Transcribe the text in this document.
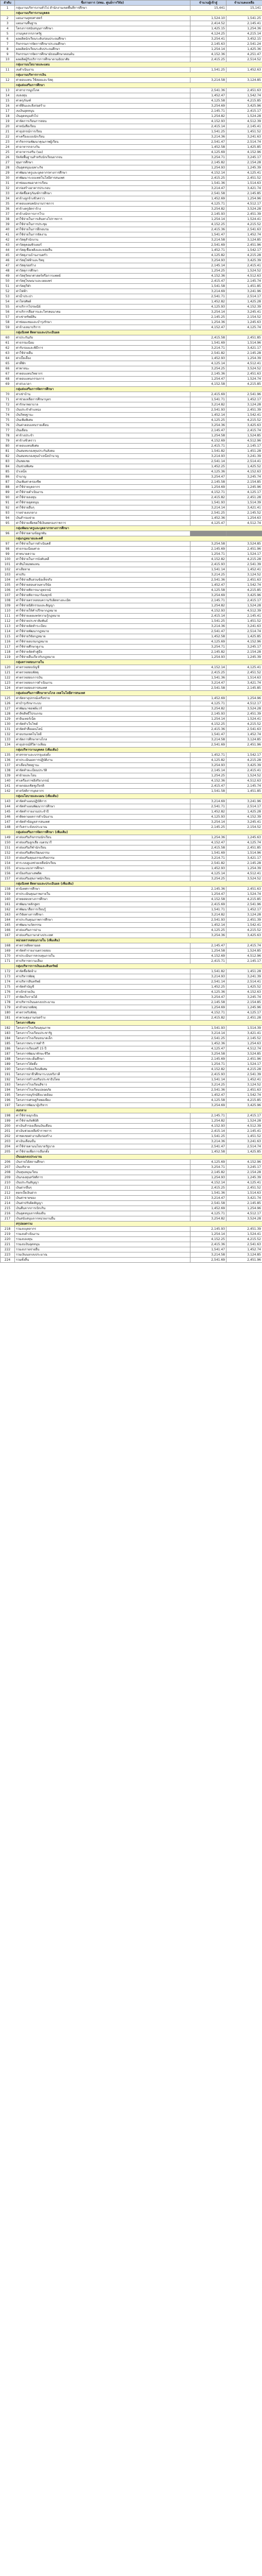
ลำดับ	ชื่อรายการ (สพม. ศูนย์การวิจัย)	จำนวนผู้เข้าสู่	จำนวนคงเหลือ
1	กลุ่มงานบริหารงานทั่วไป สำนักงานเขตพื้นที่การศึกษา	15,441	15,141
	กลุ่มงานบริหารงานบุคคล		
2	แผนงานยุทธศาสตร์	1,524.10	1,541.25
3	แผนงานพื้นฐาน	2,414.52	2,145.41
4	โครงการสนับสนุนการศึกษา	1,425.15	1,254.36
5	งานบุคลากรภาครัฐ	4,124.25	4,215.14
6	ผลผลิตนักเรียนระดับก่อนประถมศึกษา	3,254.41	3,452.15
7	กิจกรรมการจัดการศึกษาประถมศึกษา	2,145.63	2,541.24
8	ผลผลิตนักเรียนระดับประถมศึกษา	1,254.14	1,425.36
9	กิจกรรมการจัดการศึกษามัธยมศึกษาตอนต้น	4,152.36	4,251.47
10	ผลผลิตผู้รับบริการการศึกษาตามอัธยาศัย	2,415.25	2,514.52
	กลุ่มงานนโยบายและแผน		
11	งบดำเนินงาน	1,541.25	1,452.63
	กลุ่มงานบริหารการเงิน		
12	ค่าตอบแทน ใช้สอยและวัสดุ	3,214.58	3,124.85
	กลุ่มส่งเสริมการศึกษา		
13	ค่าสาธารณูปโภค	2,541.36	2,451.63
14	งบลงทุน	1,452.47	1,542.74
15	ค่าครุภัณฑ์	4,125.58	4,215.85
16	ค่าที่ดินและสิ่งก่อสร้าง	3,254.69	3,425.96
17	งบเงินอุดหนุน	2,145.71	2,415.17
18	เงินอุดหนุนทั่วไป	1,254.82	1,524.28
19	ค่าจัดการเรียนการสอน	4,152.93	4,512.39
20	ค่าหนังสือเรียน	2,415.14	2,145.41
21	ค่าอุปกรณ์การเรียน	1,541.25	1,451.52
22	ค่าเครื่องแบบนักเรียน	3,214.36	3,241.63
23	ค่ากิจกรรมพัฒนาคุณภาพผู้เรียน	2,541.47	2,514.74
24	ค่าอาหารกลางวัน	1,452.58	1,425.85
25	ค่าอาหารเสริม (นม)	4,125.69	4,152.96
26	ปัจจัยพื้นฐานสำหรับนักเรียนยากจน	3,254.71	3,245.17
27	ทุนการศึกษา	2,145.82	2,154.28
28	เงินอุดหนุนเฉพาะกิจ	1,254.93	1,245.39
29	ค่าพัฒนาครูและบุคลากรทางการศึกษา	4,152.14	4,125.41
30	ค่าพัฒนาระบบเทคโนโลยีสารสนเทศ	2,415.25	2,451.52
31	ค่าซ่อมแซมอาคารเรียน	1,541.36	1,514.63
32	ค่าก่อสร้างอาคารประกอบ	3,214.47	3,421.74
33	ค่าจัดซื้อครุภัณฑ์การศึกษา	2,541.58	2,145.85
34	ค่าจ้างลูกจ้างชั่วคราว	1,452.69	1,254.96
35	ค่าตอบแทนพนักงานราชการ	4,125.71	4,512.17
36	ค่าจ้างครูอัตราจ้าง	3,254.82	3,524.28
37	ค่าจ้างนักการภารโรง	2,145.93	2,451.39
38	ค่าใช้จ่ายในการเดินทางไปราชการ	1,254.14	1,524.41
39	ค่าใช้จ่ายในการประชุม	4,152.25	4,215.52
40	ค่าใช้จ่ายในการฝึกอบรม	2,415.36	2,541.63
41	ค่าใช้จ่ายในการจัดงาน	1,541.47	1,452.74
42	ค่าวัสดุสำนักงาน	3,214.58	3,124.85
43	ค่าวัสดุคอมพิวเตอร์	2,541.69	2,451.96
44	ค่าวัสดุเชื้อเพลิงและหล่อลื่น	1,452.71	1,542.17
45	ค่าวัสดุงานบ้านงานครัว	4,125.82	4,215.28
46	ค่าวัสดุไฟฟ้าและวิทยุ	3,254.93	3,425.39
47	ค่าวัสดุก่อสร้าง	2,145.14	2,415.41
48	ค่าวัสดุการศึกษา	1,254.25	1,524.52
49	ค่าวัสดุวิทยาศาสตร์หรือการแพทย์	4,152.36	4,512.63
50	ค่าวัสดุโฆษณาและเผยแพร่	2,415.47	2,145.74
51	ค่าวัสดุกีฬา	1,541.58	1,451.85
52	ค่าไฟฟ้า	3,214.69	3,241.96
53	ค่าน้ำประปา	2,541.71	2,514.17
54	ค่าโทรศัพท์	1,452.82	1,425.28
55	ค่าบริการไปรษณีย์	4,125.93	4,152.39
56	ค่าบริการสื่อสารและโทรคมนาคม	3,254.14	3,245.41
57	ค่าเช่าทรัพย์สิน	2,145.25	2,154.52
58	ค่าซ่อมแซมและบำรุงรักษา	1,254.36	1,245.63
59	ค่าจ้างเหมาบริการ	4,152.47	4,125.74
	กลุ่มนิเทศ ติดตามและประเมินผล		
60	ค่าประกันภัย	2,415.58	2,451.85
61	ค่าธรรมเนียม	1,541.69	1,514.96
62	ค่ารับรองและพิธีการ	3,214.71	3,421.17
63	ค่าใช้จ่ายอื่น	2,541.82	2,145.28
64	ค่าเบี้ยเลี้ยง	1,452.93	1,254.39
65	ค่าที่พัก	4,125.14	4,512.41
66	ค่าพาหนะ	3,254.25	3,524.52
67	ค่าตอบแทนวิทยากร	2,145.36	2,451.63
68	ค่าตอบแทนกรรมการ	1,254.47	1,524.74
69	ค่าล่วงเวลา	4,152.58	4,215.85
	กลุ่มส่งเสริมการจัดการศึกษา		
70	ค่าเช่าบ้าน	2,415.69	2,541.96
71	ค่าช่วยเหลือการศึกษาบุตร	1,541.71	1,452.17
72	ค่ารักษาพยาบาล	3,214.82	3,124.28
73	เงินประจำตำแหน่ง	2,541.93	2,451.39
74	เงินวิทยฐานะ	1,452.14	1,542.41
75	เงินเพิ่มพิเศษ	4,125.25	4,215.52
76	เงินค่าตอบแทนรายเดือน	3,254.36	3,425.63
77	เงินเดือน	2,145.47	2,415.74
78	ค่าจ้างประจำ	1,254.58	1,524.85
79	ค่าจ้างชั่วคราว	4,152.69	4,512.96
80	ค่าตอบแทนพิเศษ	2,415.71	2,145.17
81	เงินสมทบกองทุนประกันสังคม	1,541.82	1,451.28
82	เงินสมทบกองทุนบำเหน็จบำนาญ	3,214.93	3,241.39
83	เงินชดเชย	2,541.14	2,514.41
84	เงินช่วยพิเศษ	1,452.25	1,425.52
85	บำเหน็จ	4,125.36	4,152.63
86	บำนาญ	3,254.47	3,245.74
87	เงินเพิ่มค่าครองชีพ	2,145.58	2,154.85
88	ค่าใช้จ่ายบุคลากร	1,254.69	1,245.96
89	ค่าใช้จ่ายดำเนินงาน	4,152.71	4,125.17
90	ค่าใช้จ่ายลงทุน	2,415.82	2,451.28
91	ค่าใช้จ่ายอุดหนุน	1,541.93	1,514.39
92	ค่าใช้จ่ายอื่นๆ	3,214.14	3,421.41
93	รายจ่ายงบกลาง	2,541.25	2,145.52
94	เงินสำรองจ่าย	1,452.36	1,254.63
95	ค่าใช้จ่ายเพื่อชดใช้เงินทดรองราชการ	4,125.47	4,512.74
	กลุ่มพัฒนาครูและบุคลากรทางการศึกษา		
96	ค่าใช้จ่ายตามข้อผูกพัน		
	กลุ่มกฎหมายและคดี		
97	ค่าใช้จ่ายในการดำเนินคดี	3,254.58	3,524.85
98	ค่าธรรมเนียมศาล	2,145.69	2,451.96
99	ค่าทนายความ	1,254.71	1,524.17
100	ค่าใช้จ่ายในการบังคับคดี	4,152.82	4,215.28
101	ค่าสินไหมทดแทน	2,415.93	2,541.39
102	ค่าเสียหาย	1,541.14	1,452.41
103	ค่าปรับ	3,214.25	3,124.52
104	ค่าใช้จ่ายสืบสวนข้อเท็จจริง	2,541.36	2,451.63
105	ค่าใช้จ่ายสอบสวนทางวินัย	1,452.47	1,542.74
106	ค่าใช้จ่ายพิจารณาอุทธรณ์	4,125.58	4,215.85
107	ค่าใช้จ่ายพิจารณาร้องทุกข์	3,254.69	3,425.96
108	ค่าใช้จ่ายตรวจสอบความรับผิดทางละเมิด	2,145.71	2,415.17
109	ค่าใช้จ่ายนิติกรรมและสัญญา	1,254.82	1,524.28
110	ค่าใช้จ่ายให้คำปรึกษากฎหมาย	4,152.93	4,512.39
111	ค่าใช้จ่ายเผยแพร่ความรู้กฎหมาย	2,415.14	2,145.41
112	ค่าใช้จ่ายประชาสัมพันธ์	1,541.25	1,451.52
113	ค่าใช้จ่ายจัดทำระเบียบ	3,214.36	3,241.63
114	ค่าใช้จ่ายพัฒนากฎหมาย	2,541.47	2,514.74
115	ค่าใช้จ่ายวิจัยกฎหมาย	1,452.58	1,425.85
116	ค่าใช้จ่ายอบรมกฎหมาย	4,125.69	4,152.96
117	ค่าใช้จ่ายศึกษาดูงาน	3,254.71	3,245.17
118	ค่าใช้จ่ายจัดทำคู่มือ	2,145.82	2,154.28
119	ค่าใช้จ่ายอื่นเกี่ยวกับกฎหมาย	1,254.93	1,245.39
	กลุ่มตรวจสอบภายใน		
120	ค่าตรวจสอบบัญชี	4,152.14	4,125.41
121	ค่าตรวจสอบพัสดุ	2,415.25	2,451.52
122	ค่าตรวจสอบการเงิน	1,541.36	1,514.63
123	ค่าตรวจสอบการดำเนินงาน	3,214.47	3,421.74
124	ค่าตรวจสอบสารสนเทศ	2,541.58	2,145.85
	กลุ่มส่งเสริมการศึกษาทางไกล เทคโนโลยีสารสนเทศ		
125	ค่าจัดหาอุปกรณ์เครือข่าย	1,452.69	1,254.96
126	ค่าบำรุงรักษาระบบ	4,125.71	4,512.17
127	ค่าพัฒนาซอฟต์แวร์	3,254.82	3,524.28
128	ค่าลิขสิทธิ์โปรแกรม	2,145.93	2,451.39
129	ค่าอินเทอร์เน็ต	1,254.14	1,524.41
130	ค่าจัดทำเว็บไซต์	4,152.25	4,215.52
131	ค่าจัดทำสื่อออนไลน์	2,415.36	2,541.63
132	ค่าอบรมเทคโนโลยี	1,541.47	1,452.74
133	ค่าจัดการศึกษาทางไกล	3,214.58	3,124.85
134	ค่าอุปกรณ์ทีวีดาวเทียม	2,541.69	2,451.96
	กลุ่มบริหารงานบุคคล (เพิ่มเติม)		
135	ค่าสรรหาและบรรจุแต่งตั้ง	1,452.71	1,542.17
136	ค่าประเมินผลการปฏิบัติงาน	4,125.82	4,215.28
137	ค่าเลื่อนวิทยฐานะ	3,254.93	3,425.39
138	ค่าจัดทำทะเบียนประวัติ	2,145.14	2,415.41
139	ค่าย้ายและโอน	1,254.25	1,524.52
140	ค่าเครื่องราชอิสริยาภรณ์	4,152.36	4,512.63
141	ค่ายกย่องเชิดชูเกียรติ	2,415.47	2,145.74
142	ค่าสวัสดิการบุคลากร	1,541.58	1,451.85
	กลุ่มนโยบายและแผน (เพิ่มเติม)		
143	ค่าจัดทำแผนปฏิบัติการ	3,214.69	3,241.96
144	ค่าจัดทำแผนพัฒนาการศึกษา	2,541.71	2,514.17
145	ค่าจัดทำรายงานประจำปี	1,452.82	1,425.28
146	ค่าติดตามผลการดำเนินงาน	4,125.93	4,152.39
147	ค่าจัดทำข้อมูลสารสนเทศ	3,254.14	3,245.41
148	ค่าวิเคราะห์งบประมาณ	2,145.25	2,154.52
	กลุ่มส่งเสริมการจัดการศึกษา (เพิ่มเติม)		
149	ค่าส่งเสริมกิจกรรมนักเรียน	1,254.36	1,245.63
150	ค่าส่งเสริมลูกเสือ เนตรนารี	4,152.47	4,125.74
151	ค่าส่งเสริมกีฬานักเรียน	2,415.58	2,451.85
152	ค่าส่งเสริมศิลปวัฒนธรรม	1,541.69	1,514.96
153	ค่าส่งเสริมคุณธรรมจริยธรรม	3,214.71	3,421.17
154	ค่าระบบดูแลช่วยเหลือนักเรียน	2,541.82	2,145.28
155	ค่าแนะแนวการศึกษา	1,452.93	1,254.39
156	ค่าป้องกันยาเสพติด	4,125.14	4,512.41
157	ค่าส่งเสริมสุขภาพนักเรียน	3,254.25	3,524.52
	กลุ่มนิเทศ ติดตามและประเมินผล (เพิ่มเติม)		
158	ค่านิเทศการศึกษา	2,145.36	2,451.63
159	ค่าประเมินคุณภาพภายใน	1,254.47	1,524.74
160	ค่าทดสอบทางการศึกษา	4,152.58	4,215.85
161	ค่าพัฒนาหลักสูตร	2,415.69	2,541.96
162	ค่าพัฒนาสื่อการเรียนรู้	1,541.71	1,452.17
163	ค่าวิจัยทางการศึกษา	3,214.82	3,124.28
164	ค่าประกันคุณภาพการศึกษา	2,541.93	2,451.39
165	ค่าพัฒนานวัตกรรม	1,452.14	1,542.41
166	ค่าส่งเสริมการอ่าน	4,125.25	4,215.52
167	ค่าส่งเสริมภาษาต่างประเทศ	3,254.36	3,425.63
	หน่วยตรวจสอบภายใน (เพิ่มเติม)		
168	ค่าตรวจติดตามผล	2,145.47	2,415.74
169	ค่าจัดทำรายงานตรวจสอบ	1,254.58	1,524.85
170	ค่าประเมินการควบคุมภายใน	4,152.69	4,512.96
171	ค่าบริหารความเสี่ยง	2,415.71	2,145.17
	กลุ่มบริหารการเงินและสินทรัพย์		
172	ค่าจัดซื้อจัดจ้าง	1,541.82	1,451.28
173	ค่าบริหารพัสดุ	3,214.93	3,241.39
174	ค่าบริหารสินทรัพย์	2,541.14	2,514.41
175	ค่าจัดทำบัญชี	1,452.25	1,425.52
176	ค่าเบิกจ่ายเงิน	4,125.36	4,152.63
177	ค่าจัดเก็บรายได้	3,254.47	3,245.74
178	ค่าบริหารเงินนอกงบประมาณ	2,145.58	2,154.85
179	ค่าจำหน่ายพัสดุ	1,254.69	1,245.96
180	ค่าตรวจรับพัสดุ	4,152.71	4,125.17
181	ค่าควบคุมงานก่อสร้าง	2,415.82	2,451.28
	โครงการพิเศษ		
182	โครงการโรงเรียนคุณภาพ	1,541.93	1,514.39
183	โครงการโรงเรียนประชารัฐ	3,214.14	3,421.41
184	โครงการโรงเรียนขนาดเล็ก	2,541.25	2,145.52
185	โครงการพระราชดำริ	1,452.36	1,254.63
186	โครงการเรียนฟรี 15 ปี	4,125.47	4,512.74
187	โครงการพัฒนาทักษะชีวิต	3,254.58	3,524.85
188	โครงการสะเต็มศึกษา	2,145.69	2,451.96
189	โครงการโค้ดดิ้ง	1,254.71	1,524.17
190	โครงการห้องเรียนพิเศษ	4,152.82	4,215.28
191	โครงการอาชีวศึกษาระบบทวิภาคี	2,415.93	2,541.39
192	โครงการสร้างเสริมประชาธิปไตย	1,541.14	1,452.41
193	โครงการโรงเรียนสีขาว	3,214.25	3,124.52
194	โครงการโรงเรียนปลอดภัย	2,541.36	2,451.63
195	โครงการอนุรักษ์สิ่งแวดล้อม	1,452.47	1,542.74
196	โครงการเศรษฐกิจพอเพียง	4,125.58	4,215.85
197	โครงการพัฒนาผู้บริหาร	3,254.69	3,425.96
	งบกลาง		
198	ค่าใช้จ่ายฉุกเฉิน	2,145.71	2,415.17
199	ค่าใช้จ่ายภัยพิบัติ	1,254.82	1,524.28
200	ค่าเงินสำรองเลื่อนเงินเดือน	4,152.93	4,512.39
201	ค่าเงินช่วยเหลือข้าราชการ	2,415.14	2,145.41
202	ค่าชดเชยค่างานสิ่งก่อสร้าง	1,541.25	1,451.52
203	ค่าเงินเลื่อนขั้น	3,214.36	3,241.63
204	ค่าใช้จ่ายตามนโยบายรัฐบาล	2,541.47	2,514.74
205	ค่าใช้จ่ายเพื่อการเลือกตั้ง	1,452.58	1,425.85
	เงินนอกงบประมาณ		
206	เงินรายได้สถานศึกษา	4,125.69	4,152.96
207	เงินบริจาค	3,254.71	3,245.17
208	เงินทุนหมุนเวียน	2,145.82	2,154.28
209	เงินกองทุนสวัสดิการ	1,254.93	1,245.39
210	เงินประกันสัญญา	4,152.14	4,125.41
211	เงินฝากอื่นๆ	2,415.25	2,451.52
212	ดอกเบี้ยเงินฝาก	1,541.36	1,514.63
213	เงินค่าขายของ	3,214.47	3,421.74
214	เงินค่าปรับผิดสัญญา	2,541.58	2,145.85
215	เงินคืนจากการเบิกเกิน	1,452.69	1,254.96
216	เงินอุดหนุนจากท้องถิ่น	4,125.71	4,512.17
217	เงินสนับสนุนจากหน่วยงานอื่น	3,254.82	3,524.28
	สรุปยอดรวม		
218	รวมงบบุคลากร	2,145.93	2,451.39
219	รวมงบดำเนินงาน	1,254.14	1,524.41
220	รวมงบลงทุน	4,152.25	4,215.52
221	รวมงบเงินอุดหนุน	2,415.36	2,541.63
222	รวมงบรายจ่ายอื่น	1,541.47	1,452.74
223	รวมเงินนอกงบประมาณ	3,214.58	3,124.85
224	รวมทั้งสิ้น	2,541.69	2,451.96
